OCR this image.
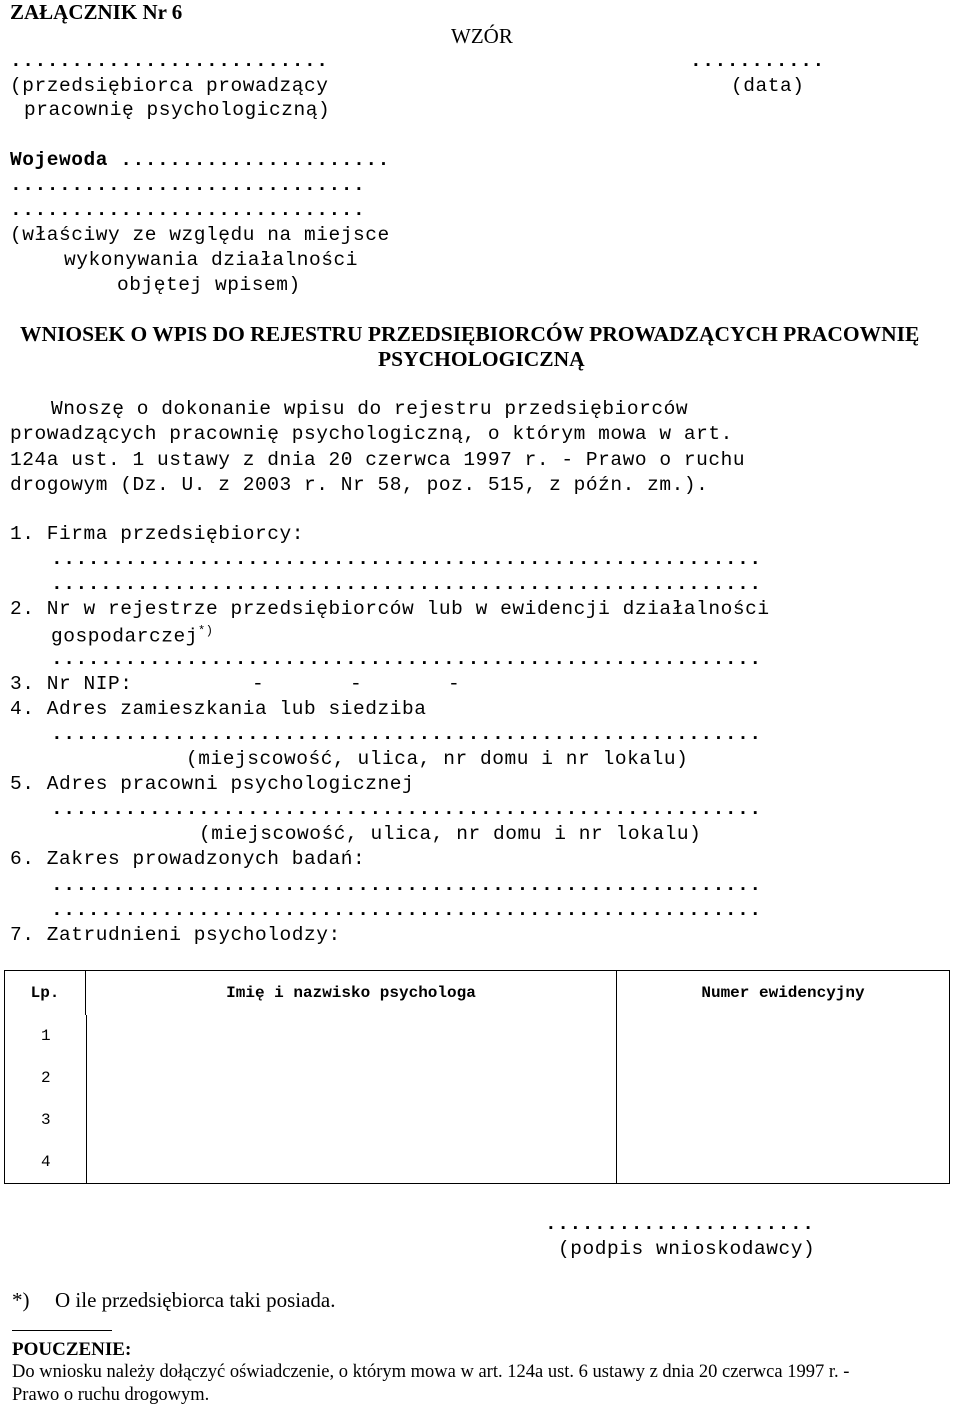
ZAŁĄCZNIK Nr 6
WZÓR
..........................
(przedsiębiorca prowadzący
pracownię psychologiczną)
...........
(data)
Wojewoda ......................
.............................
.............................
(właściwy ze względu na miejsce
wykonywania działalności
objętej wpisem)
WNIOSEK O WPIS DO REJESTRU PRZEDSIĘBIORCÓW PROWADZĄCYCH PRACOWNIĘ
PSYCHOLOGICZNĄ
Wnoszę o dokonanie wpisu do rejestru przedsiębiorców
prowadzących pracownię psychologiczną, o którym mowa w art.
124a ust. 1 ustawy z dnia 20 czerwca 1997 r. - Prawo o ruchu
drogowym (Dz. U. z 2003 r. Nr 58, poz. 515, z późn. zm.).
1. Firma przedsiębiorcy:
..........................................................
..........................................................
2. Nr w rejestrze przedsiębiorców lub w ewidencji działalności
gospodarczej*)
..........................................................
3. Nr NIP:	-       -       -
4. Adres zamieszkania lub siedziba
..........................................................
(miejscowość, ulica, nr domu i nr lokalu)
5. Adres pracowni psychologicznej
..........................................................
(miejscowość, ulica, nr domu i nr lokalu)
6. Zakres prowadzonych badań:
..........................................................
..........................................................
7. Zatrudnieni psycholodzy:
Lp.	Imię i nazwisko psychologa	Numer ewidencyjny
1		
2		
3		
4		
......................
(podpis wnioskodawcy)
*) O ile przedsiębiorca taki posiada.
POUCZENIE:
Do wniosku należy dołączyć oświadczenie, o którym mowa w art. 124a ust. 6 ustawy z dnia 20 czerwca 1997 r. -
Prawo o ruchu drogowym.
